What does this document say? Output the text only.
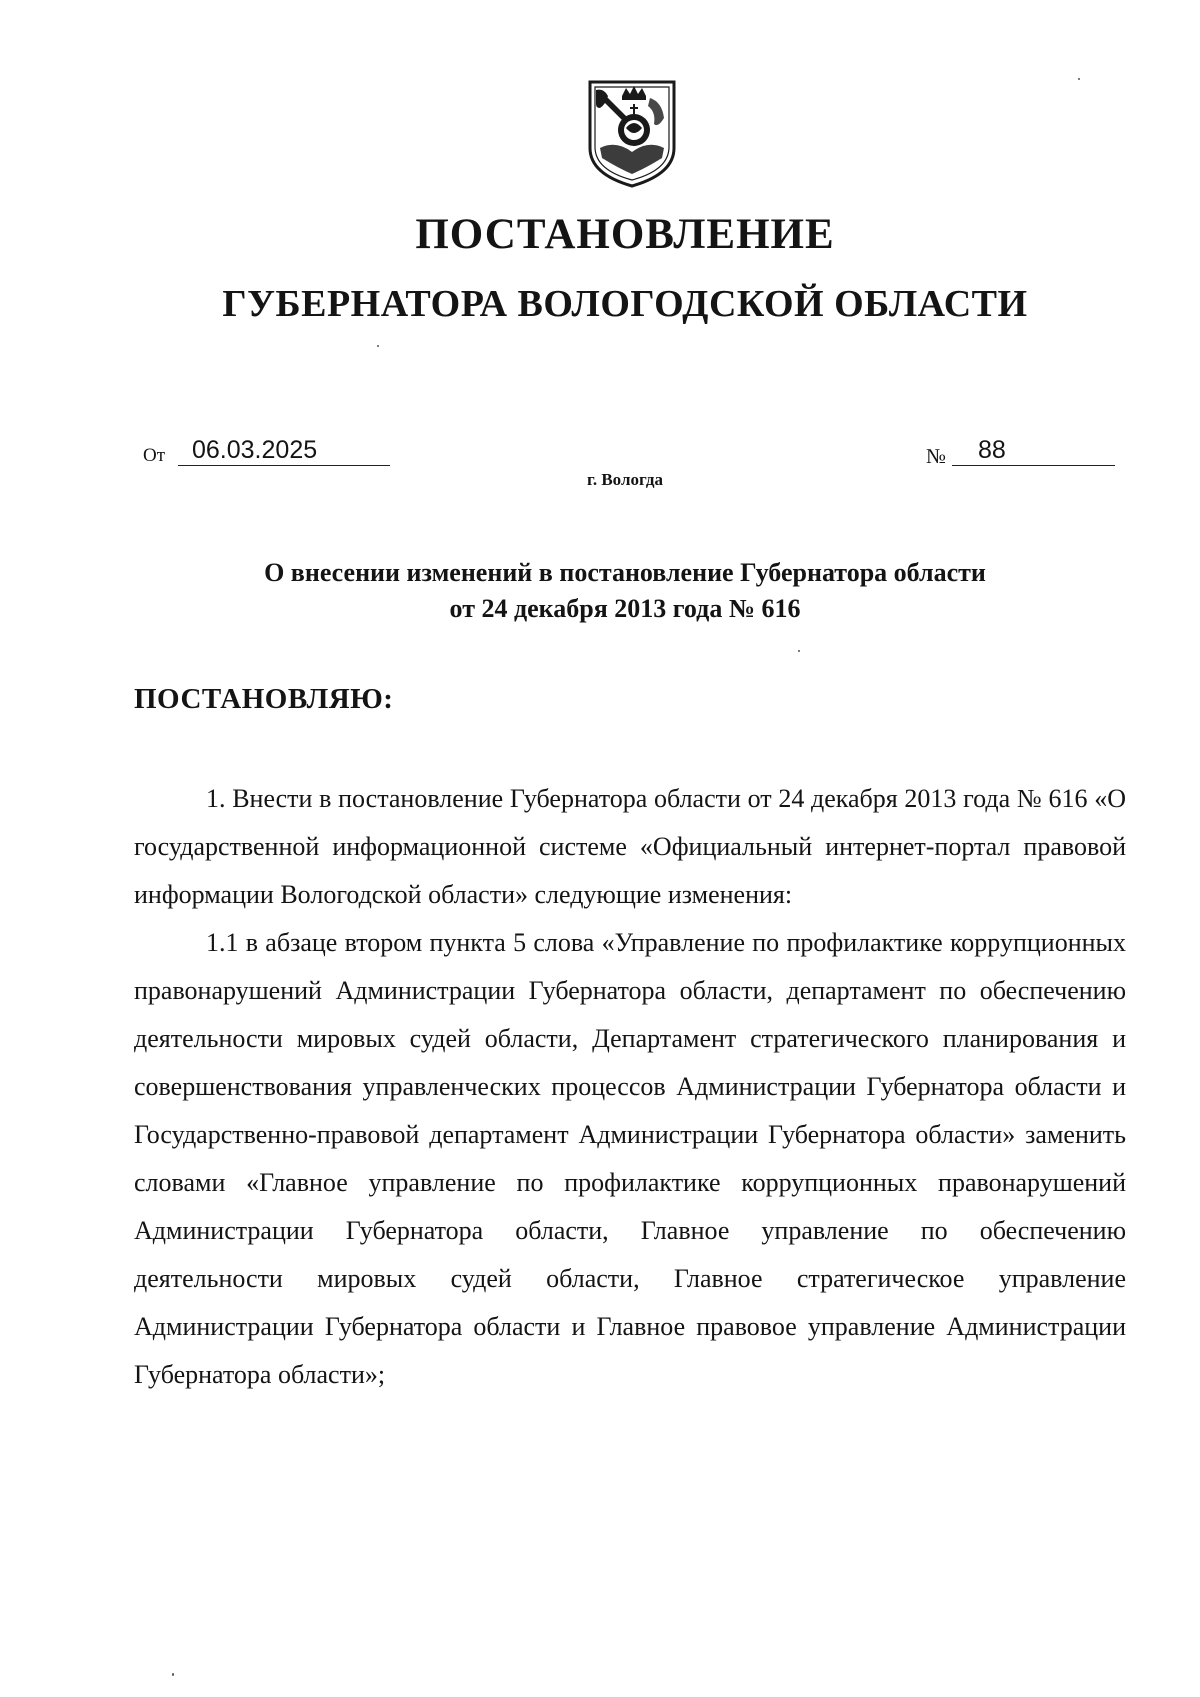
ПОСТАНОВЛЕНИЕ
ГУБЕРНАТОРА ВОЛОГОДСКОЙ ОБЛАСТИ
От	06.03.2025	№	88
г. Вологда
О внесении изменений в постановление Губернатора области
от 24 декабря 2013 года № 616
ПОСТАНОВЛЯЮ:

1. Внести в постановление Губернатора области от 24 декабря 2013 года № 616 «О государственной информационной системе «Официальный интернет-портал правовой информации Вологодской области» следующие изменения:

1.1 в абзаце втором пункта 5 слова «Управление по профилактике коррупционных правонарушений Администрации Губернатора области, департамент по обеспечению деятельности мировых судей области, Департамент стратегического планирования и совершенствования управленческих процессов Администрации Губернатора области и Государственно-правовой департамент Администрации Губернатора области» заменить словами «Главное управление по профилактике коррупционных правонарушений Администрации Губернатора области, Главное управление по обеспечению деятельности мировых судей области, Главное стратегическое управление Администрации Губернатора области и Главное правовое управление Администрации Губернатора области»;
